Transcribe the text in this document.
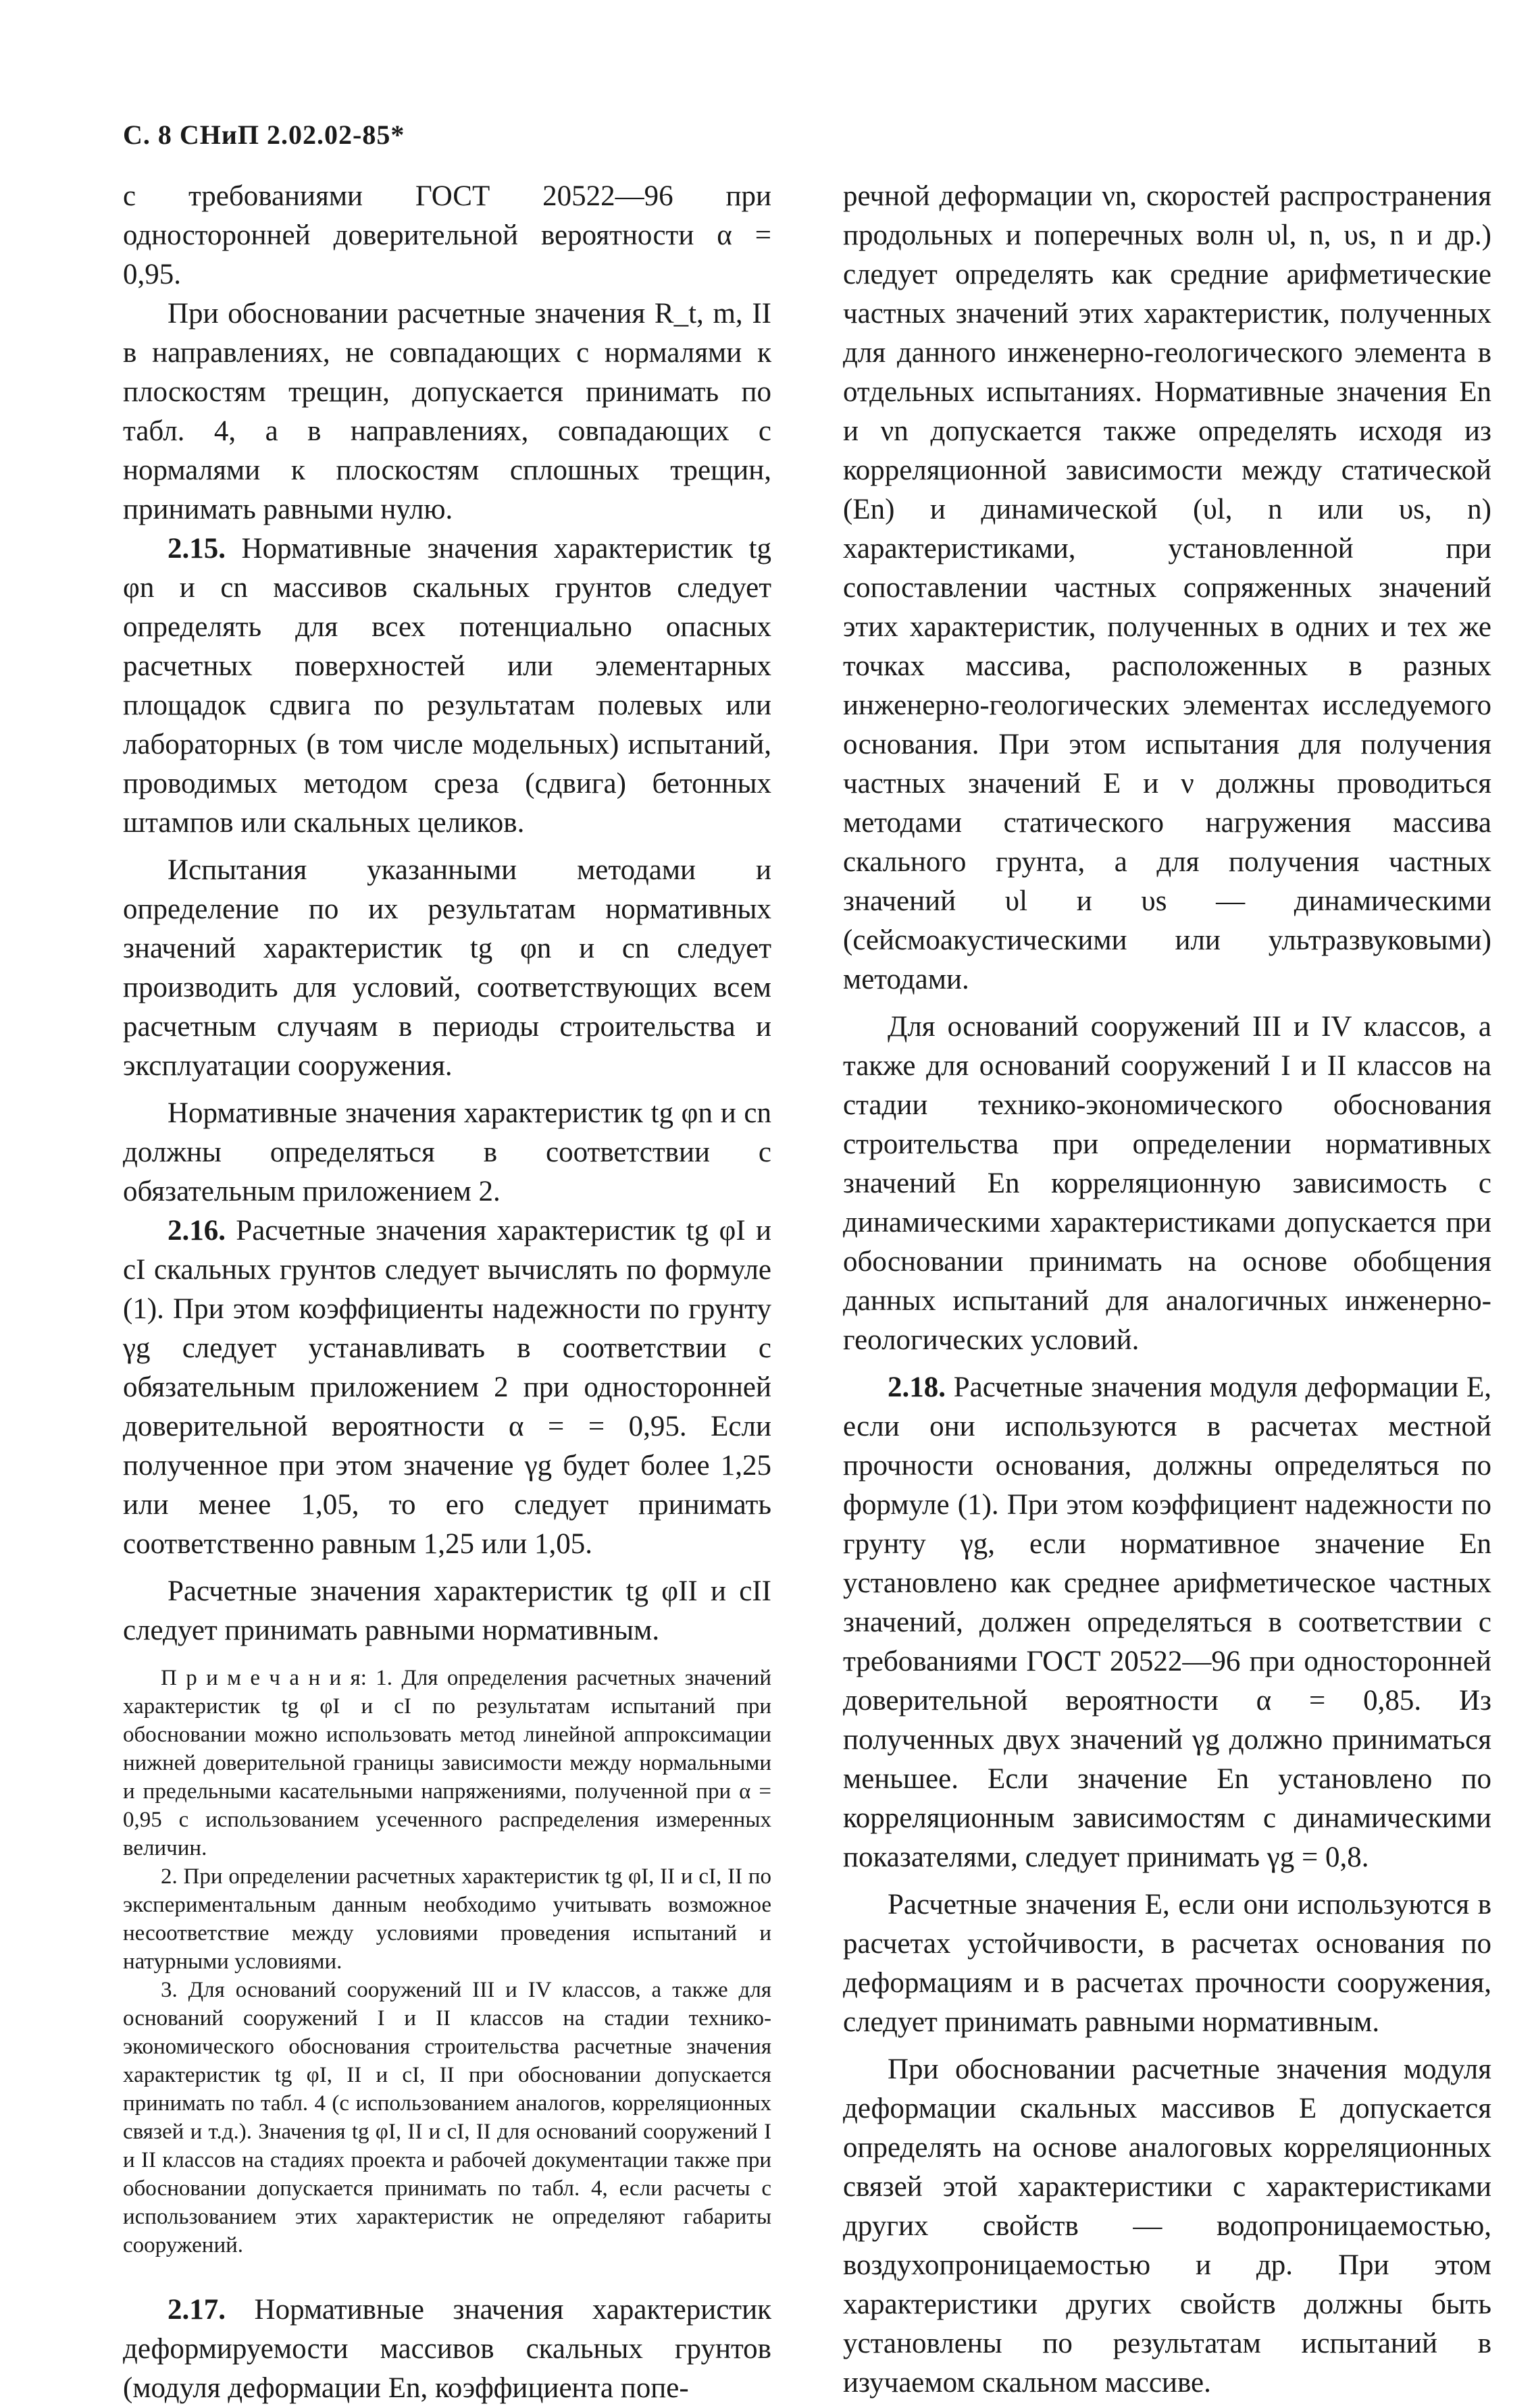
С. 8 СНиП 2.02.02-85*

с требованиями ГОСТ 20522—96 при односторонней доверительной вероятности α = 0,95.

При обосновании расчетные значения R_t, m, II в направлениях, не совпадающих с нормалями к плоскостям трещин, допускается принимать по табл. 4, а в направлениях, совпадающих с нормалями к плоскостям сплошных трещин, принимать равными нулю.

2.15. Нормативные значения характеристик tg φn и cn массивов скальных грунтов следует определять для всех потенциально опасных расчетных поверхностей или элементарных площадок сдвига по результатам полевых или лабораторных (в том числе модельных) испытаний, проводимых методом среза (сдвига) бетонных штампов или скальных целиков.

Испытания указанными методами и определение по их результатам нормативных значений характеристик tg φn и cn следует производить для условий, соответствующих всем расчетным случаям в периоды строительства и эксплуатации сооружения.

Нормативные значения характеристик tg φn и cn должны определяться в соответствии с обязательным приложением 2.

2.16. Расчетные значения характеристик tg φI и cI скальных грунтов следует вычислять по формуле (1). При этом коэффициенты надежности по грунту γg следует устанавливать в соответствии с обязательным приложением 2 при односторонней доверительной вероятности α = = 0,95. Если полученное при этом значение γg будет более 1,25 или менее 1,05, то его следует принимать соответственно равным 1,25 или 1,05.

Расчетные значения характеристик tg φII и cII следует принимать равными нормативным.

П р и м е ч а н и я: 1. Для определения расчетных значений характеристик tg φI и cI по результатам испытаний при обосновании можно использовать метод линейной аппроксимации нижней доверительной границы зависимости между нормальными и предельными касательными напряжениями, полученной при α = 0,95 с использованием усеченного распределения измеренных величин.

2. При определении расчетных характеристик tg φI, II и cI, II по экспериментальным данным необходимо учитывать возможное несоответствие между условиями проведения испытаний и натурными условиями.

3. Для оснований сооружений III и IV классов, а также для оснований сооружений I и II классов на стадии технико-экономического обоснования строительства расчетные значения характеристик tg φI, II и cI, II при обосновании допускается принимать по табл. 4 (с использованием аналогов, корреляционных связей и т.д.). Значения tg φI, II и cI, II для оснований сооружений I и II классов на стадиях проекта и рабочей документации также при обосновании допускается принимать по табл. 4, если расчеты с использованием этих характеристик не определяют габариты сооружений.

2.17. Нормативные значения характеристик деформируемости массивов скальных грунтов (модуля деформации En, коэффициента попе-

речной деформации νn, скоростей распространения продольных и поперечных волн υl, n, υs, n и др.) следует определять как средние арифметические частных значений этих характеристик, полученных для данного инженерно-геологического элемента в отдельных испытаниях. Нормативные значения En и νn допускается также определять исходя из корреляционной зависимости между статической (En) и динамической (υl, n или υs, n) характеристиками, установленной при сопоставлении частных сопряженных значений этих характеристик, полученных в одних и тех же точках массива, расположенных в разных инженерно-геологических элементах исследуемого основания. При этом испытания для получения частных значений E и ν должны проводиться методами статического нагружения массива скального грунта, а для получения частных значений υl и υs — динамическими (сейсмоакустическими или ультразвуковыми) методами.

Для оснований сооружений III и IV классов, а также для оснований сооружений I и II классов на стадии технико-экономического обоснования строительства при определении нормативных значений En корреляционную зависимость с динамическими характеристиками допускается при обосновании принимать на основе обобщения данных испытаний для аналогичных инженерно-геологических условий.

2.18. Расчетные значения модуля деформации E, если они используются в расчетах местной прочности основания, должны определяться по формуле (1). При этом коэффициент надежности по грунту γg, если нормативное значение En установлено как среднее арифметическое частных значений, должен определяться в соответствии с требованиями ГОСТ 20522—96 при односторонней доверительной вероятности α = 0,85. Из полученных двух значений γg должно приниматься меньшее. Если значение En установлено по корреляционным зависимостям с динамическими показателями, следует принимать γg = 0,8.

Расчетные значения E, если они используются в расчетах устойчивости, в расчетах основания по деформациям и в расчетах прочности сооружения, следует принимать равными нормативным.

При обосновании расчетные значения модуля деформации скальных массивов E допускается определять на основе аналоговых корреляционных связей этой характеристики с характеристиками других свойств — водопроницаемостью, воздухопроницаемостью и др. При этом характеристики других свойств должны быть установлены по результатам испытаний в изучаемом скальном массиве.
